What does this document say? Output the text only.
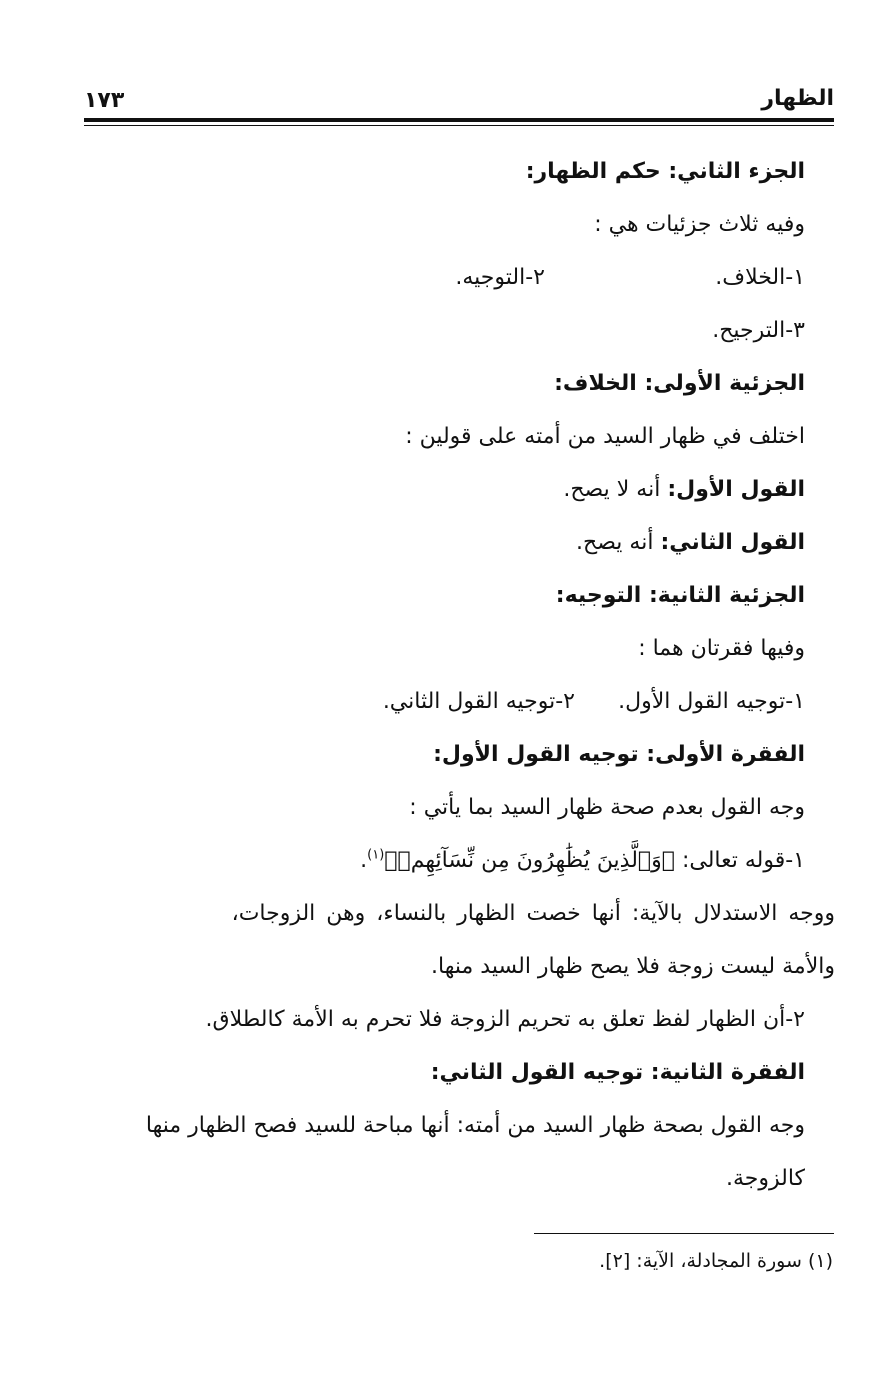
الظهار
١٧٣
الجزء الثاني: حكم الظهار:
وفيه ثلاث جزئيات هي :
١-الخلاف.٢-التوجيه.
٣-الترجيح.
الجزئية الأولى: الخلاف:
اختلف في ظهار السيد من أمته على قولين :
القول الأول: أنه لا يصح.
القول الثاني: أنه يصح.
الجزئية الثانية: التوجيه:
وفيها فقرتان هما :
١-توجيه القول الأول.٢-توجيه القول الثاني.
الفقرة الأولى: توجيه القول الأول:
وجه القول بعدم صحة ظهار السيد بما يأتي :
١-قوله تعالى: ﴿وَٱلَّذِينَ يُظَٰهِرُونَ مِن نِّسَآئِهِمۡ﴾$^{(١)}$.
ووجه الاستدلال بالآية: أنها خصت الظهار بالنساء، وهن الزوجات،
والأمة ليست زوجة فلا يصح ظهار السيد منها.
٢-أن الظهار لفظ تعلق به تحريم الزوجة فلا تحرم به الأمة كالطلاق.
الفقرة الثانية: توجيه القول الثاني:
وجه القول بصحة ظهار السيد من أمته: أنها مباحة للسيد فصح الظهار منها
كالزوجة.
(١) سورة المجادلة، الآية: [٢].
